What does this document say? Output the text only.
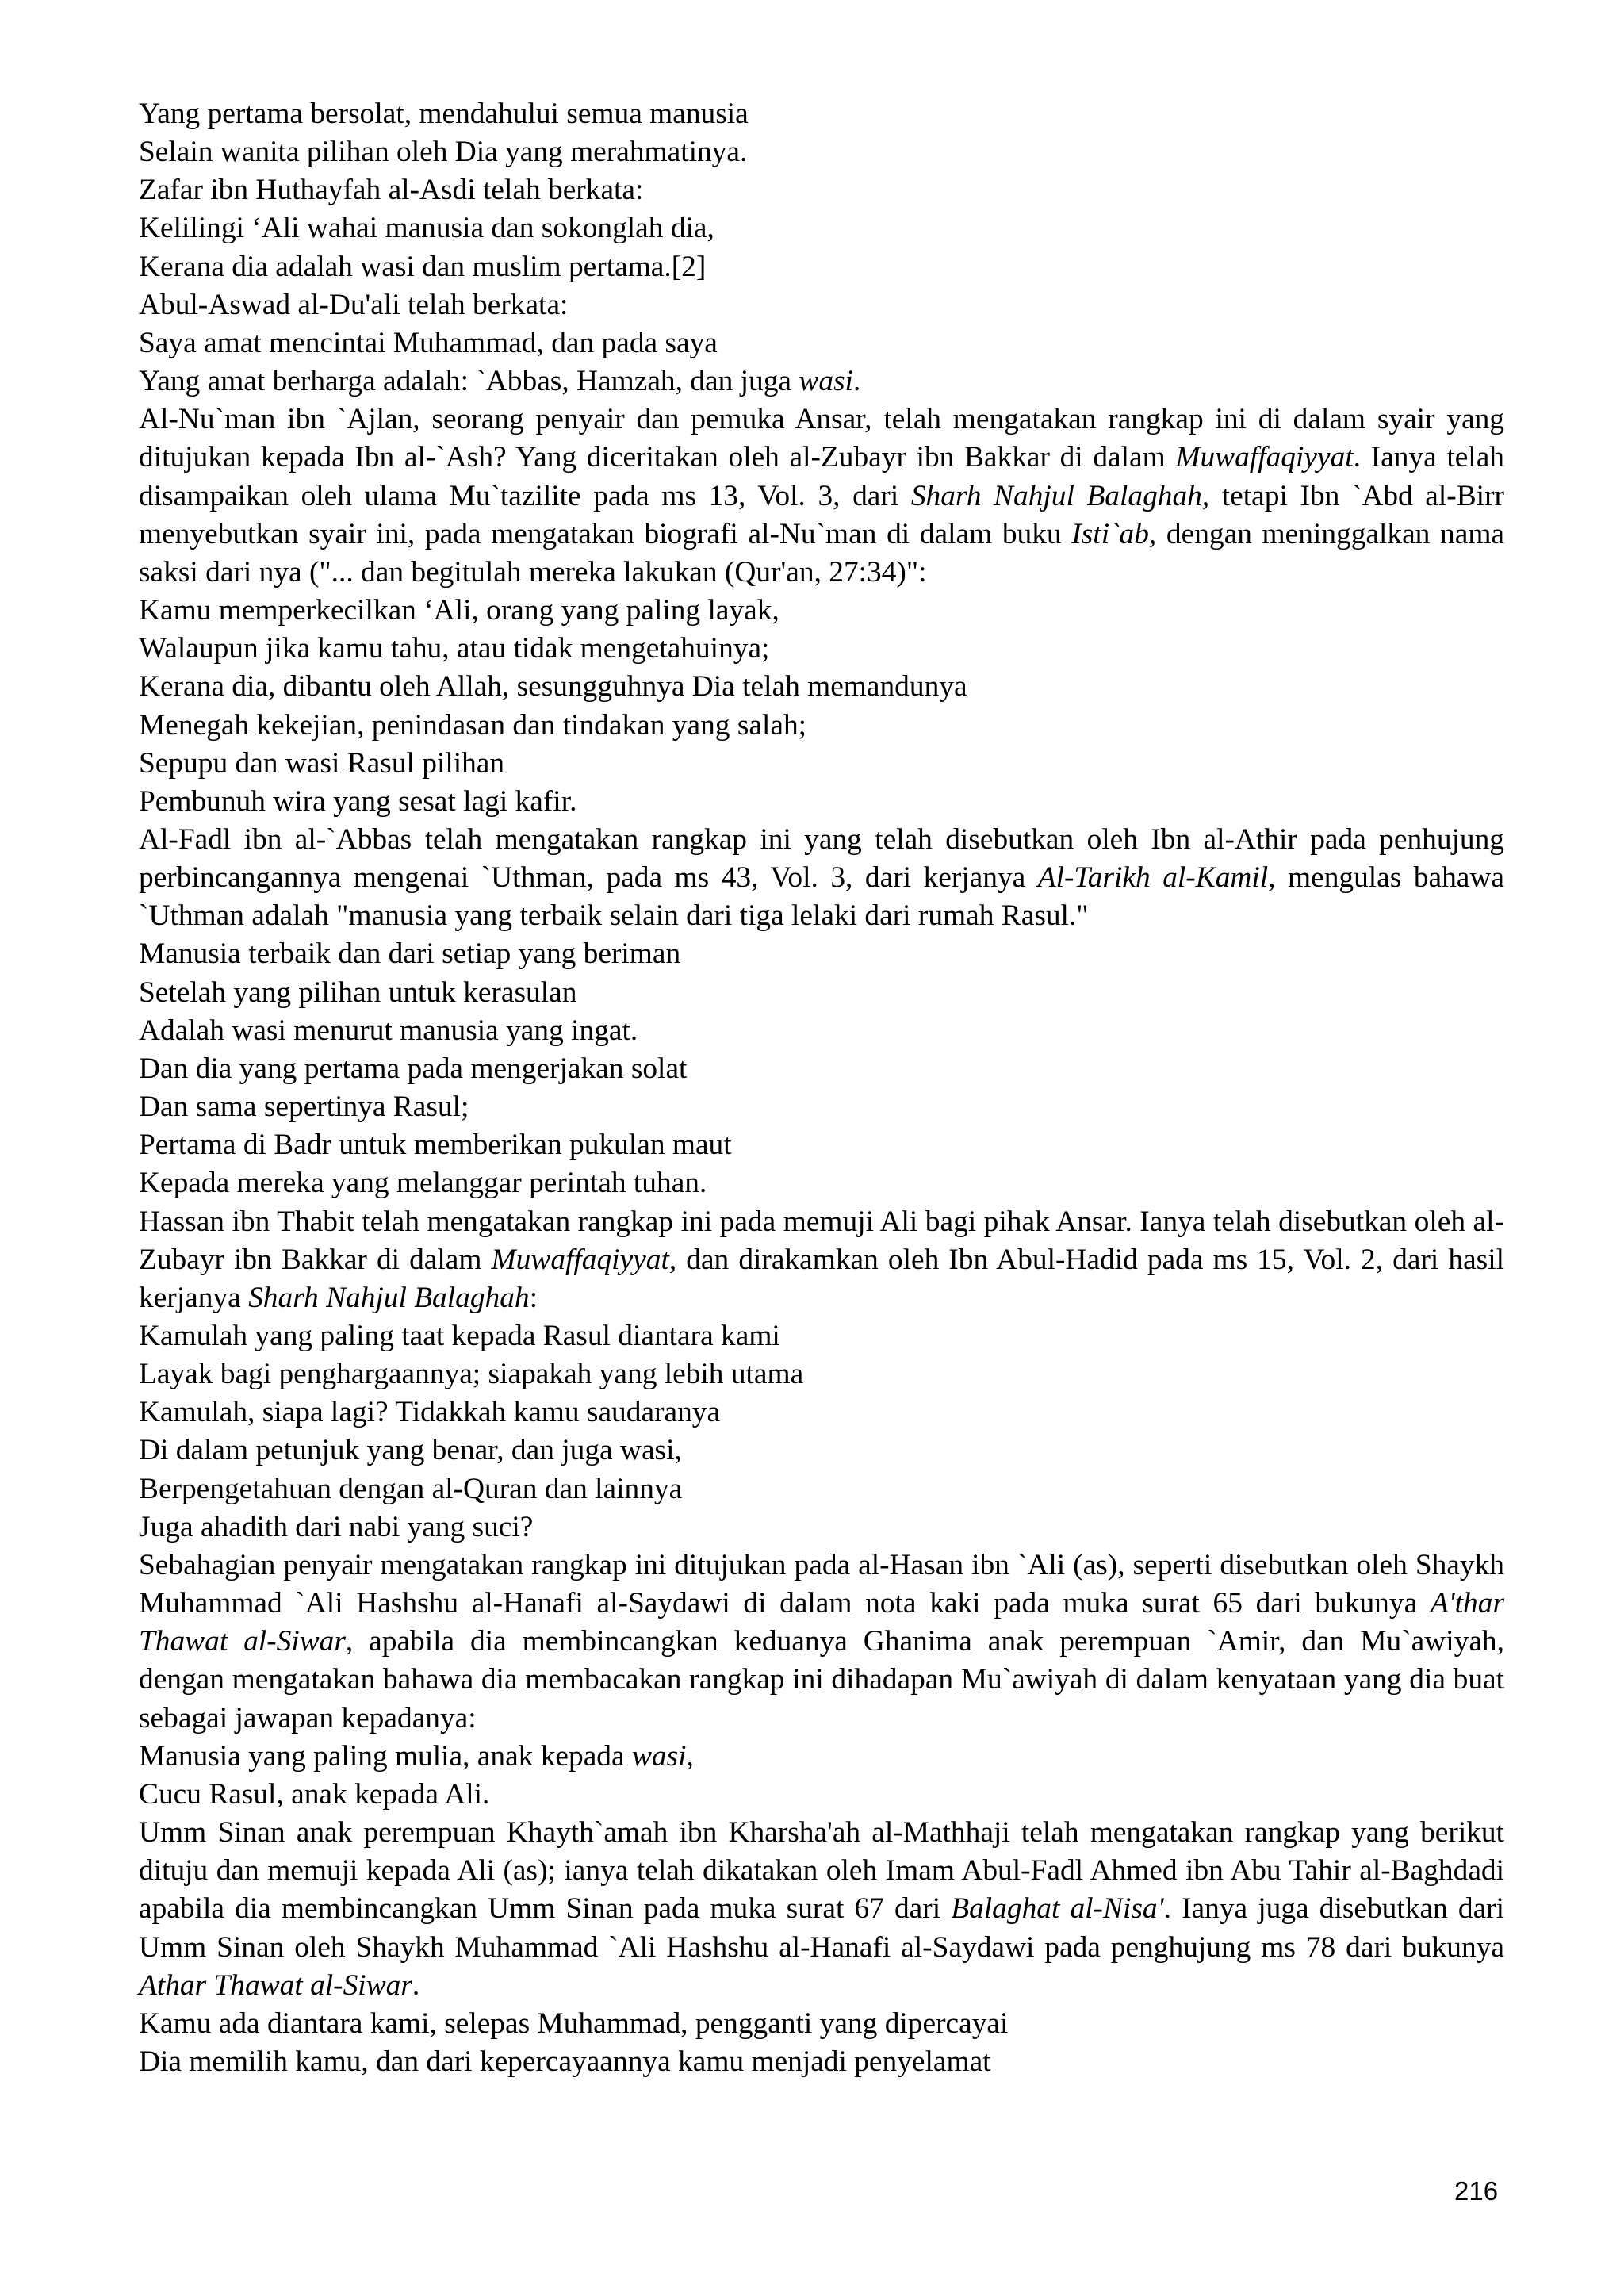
Yang pertama bersolat, mendahului semua manusia
Selain wanita pilihan oleh Dia yang merahmatinya.
Zafar ibn Huthayfah al-Asdi telah berkata:
Kelilingi ‘Ali wahai manusia dan sokonglah dia,
Kerana dia adalah wasi dan muslim pertama.[2]
Abul-Aswad al-Du'ali telah berkata:
Saya amat mencintai Muhammad, dan pada saya
Yang amat berharga adalah: `Abbas, Hamzah, dan juga wasi.
Al-Nu`man ibn `Ajlan, seorang penyair dan pemuka Ansar, telah mengatakan rangkap ini di dalam syair yang ditujukan kepada Ibn al-`Ash? Yang diceritakan oleh al-Zubayr ibn Bakkar di dalam Muwaffaqiyyat. Ianya telah disampaikan oleh ulama Mu`tazilite pada ms 13, Vol. 3, dari Sharh Nahjul Balaghah, tetapi Ibn `Abd al-Birr menyebutkan syair ini, pada mengatakan biografi al-Nu`man di dalam buku Isti`ab, dengan meninggalkan nama saksi dari nya ("... dan begitulah mereka lakukan (Qur'an, 27:34)":
Kamu memperkecilkan ‘Ali, orang yang paling layak,
Walaupun jika kamu tahu, atau tidak mengetahuinya;
Kerana dia, dibantu oleh Allah, sesungguhnya Dia telah memandunya
Menegah kekejian, penindasan dan tindakan yang salah;
Sepupu dan wasi Rasul pilihan
Pembunuh wira yang sesat lagi kafir.
Al-Fadl ibn al-`Abbas telah mengatakan rangkap ini yang telah disebutkan oleh Ibn al-Athir pada penhujung perbincangannya mengenai `Uthman, pada ms 43, Vol. 3, dari kerjanya Al-Tarikh al-Kamil, mengulas bahawa `Uthman adalah "manusia yang terbaik selain dari tiga lelaki dari rumah Rasul."
Manusia terbaik dan dari setiap yang beriman
Setelah yang pilihan untuk kerasulan
Adalah wasi menurut manusia yang ingat.
Dan dia yang pertama pada mengerjakan solat
Dan sama sepertinya Rasul;
Pertama di Badr untuk memberikan pukulan maut
Kepada mereka yang melanggar perintah tuhan.
Hassan ibn Thabit telah mengatakan rangkap ini pada memuji Ali bagi pihak Ansar. Ianya telah disebutkan oleh al-Zubayr ibn Bakkar di dalam Muwaffaqiyyat, dan dirakamkan oleh Ibn Abul-Hadid pada ms 15, Vol. 2, dari hasil kerjanya Sharh Nahjul Balaghah:
Kamulah yang paling taat kepada Rasul diantara kami
Layak bagi penghargaannya; siapakah yang lebih utama
Kamulah, siapa lagi? Tidakkah kamu saudaranya
Di dalam petunjuk yang benar, dan juga wasi,
Berpengetahuan dengan al-Quran dan lainnya
Juga ahadith dari nabi yang suci?
Sebahagian penyair mengatakan rangkap ini ditujukan pada al-Hasan ibn `Ali (as), seperti disebutkan oleh Shaykh Muhammad `Ali Hashshu al-Hanafi al-Saydawi di dalam nota kaki pada muka surat 65 dari bukunya A'thar Thawat al-Siwar, apabila dia membincangkan keduanya Ghanima anak perempuan `Amir, dan Mu`awiyah, dengan mengatakan bahawa dia membacakan rangkap ini dihadapan Mu`awiyah di dalam kenyataan yang dia buat sebagai jawapan kepadanya:
Manusia yang paling mulia, anak kepada wasi,
Cucu Rasul, anak kepada Ali.
Umm Sinan anak perempuan Khayth`amah ibn Kharsha'ah al-Mathhaji telah mengatakan rangkap yang berikut dituju dan memuji kepada Ali (as); ianya telah dikatakan oleh Imam Abul-Fadl Ahmed ibn Abu Tahir al-Baghdadi apabila dia membincangkan Umm Sinan pada muka surat 67 dari Balaghat al-Nisa'. Ianya juga disebutkan dari Umm Sinan oleh Shaykh Muhammad `Ali Hashshu al-Hanafi al-Saydawi pada penghujung ms 78 dari bukunya Athar Thawat al-Siwar.
Kamu ada diantara kami, selepas Muhammad, pengganti yang dipercayai
Dia memilih kamu, dan dari kepercayaannya kamu menjadi penyelamat
216
